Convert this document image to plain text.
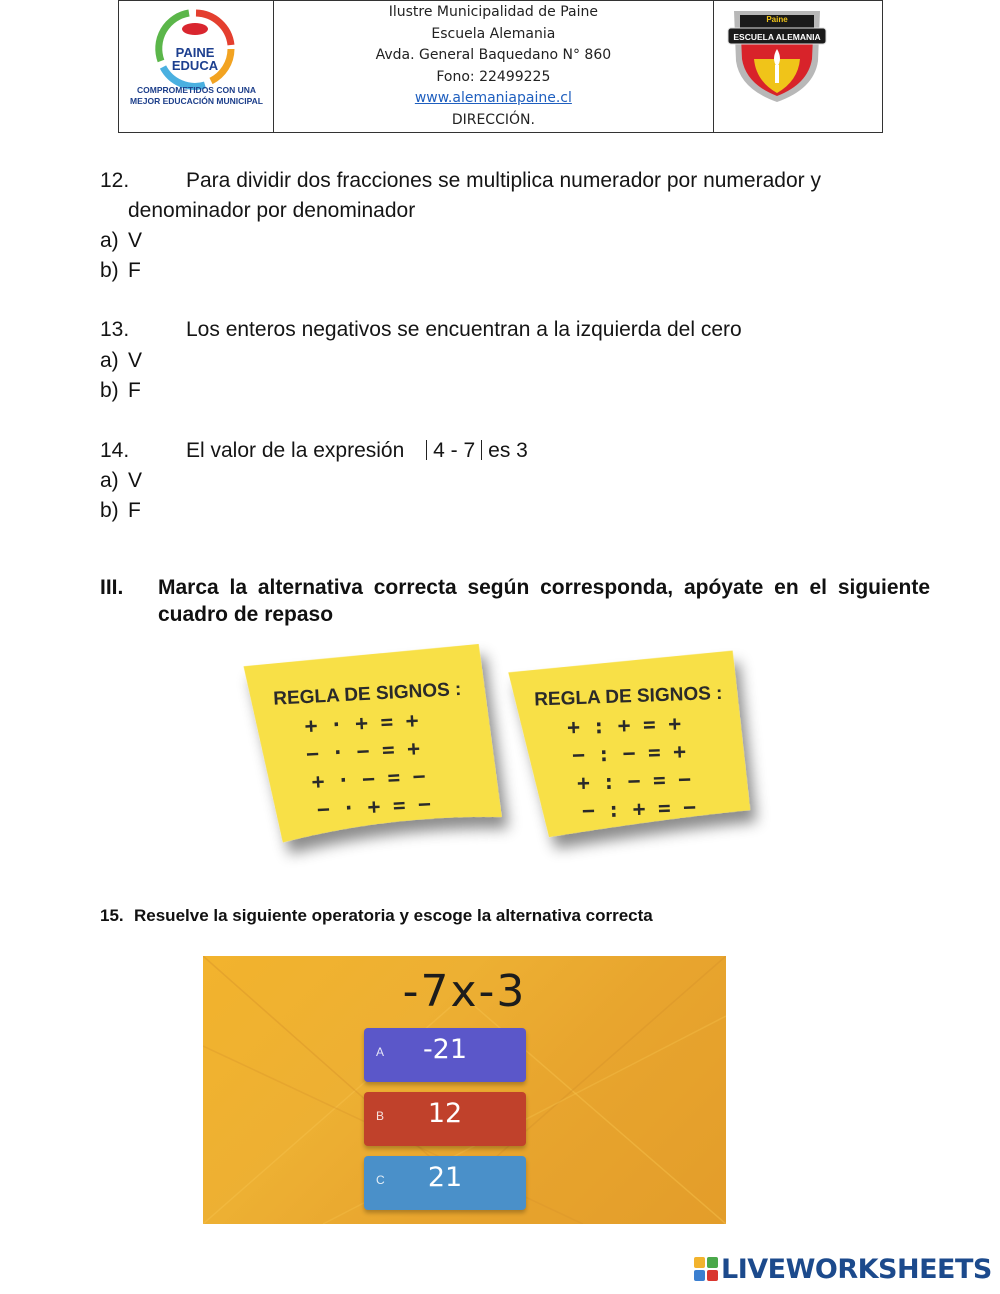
PAINE
EDUCA
COMPROMETIDOS CON UNA
MEJOR EDUCACIÓN MUNICIPAL
Ilustre Municipalidad de Paine
Escuela Alemania
Avda. General Baquedano N° 860
Fono: 22499225
www.alemaniapaine.cl
DIRECCIÓN.
Paine
ESCUELA ALEMANIA
12.	Para dividir dos fracciones se multiplica numerador por numerador y
denominador por denominador
a) V
b) F
13.	Los enteros negativos se encuentran a la izquierda del cero
a) V
b) F
14.	El valor de la expresión 4 - 7 es 3
a) V
b) F
III. Marca la alternativa correcta según corresponda, apóyate en el siguiente cuadro de repaso
REGLA DE SIGNOS :
+ · + = +
− · − = +
+ · − = −
− · + = −
REGLA DE SIGNOS :
+ : + = +
− : − = +
+ : − = −
− : + = −
15. Resuelve la siguiente operatoria y escoge la alternativa correcta
-7x-3
A	-21
B	12
C	21
LIVEWORKSHEETS
